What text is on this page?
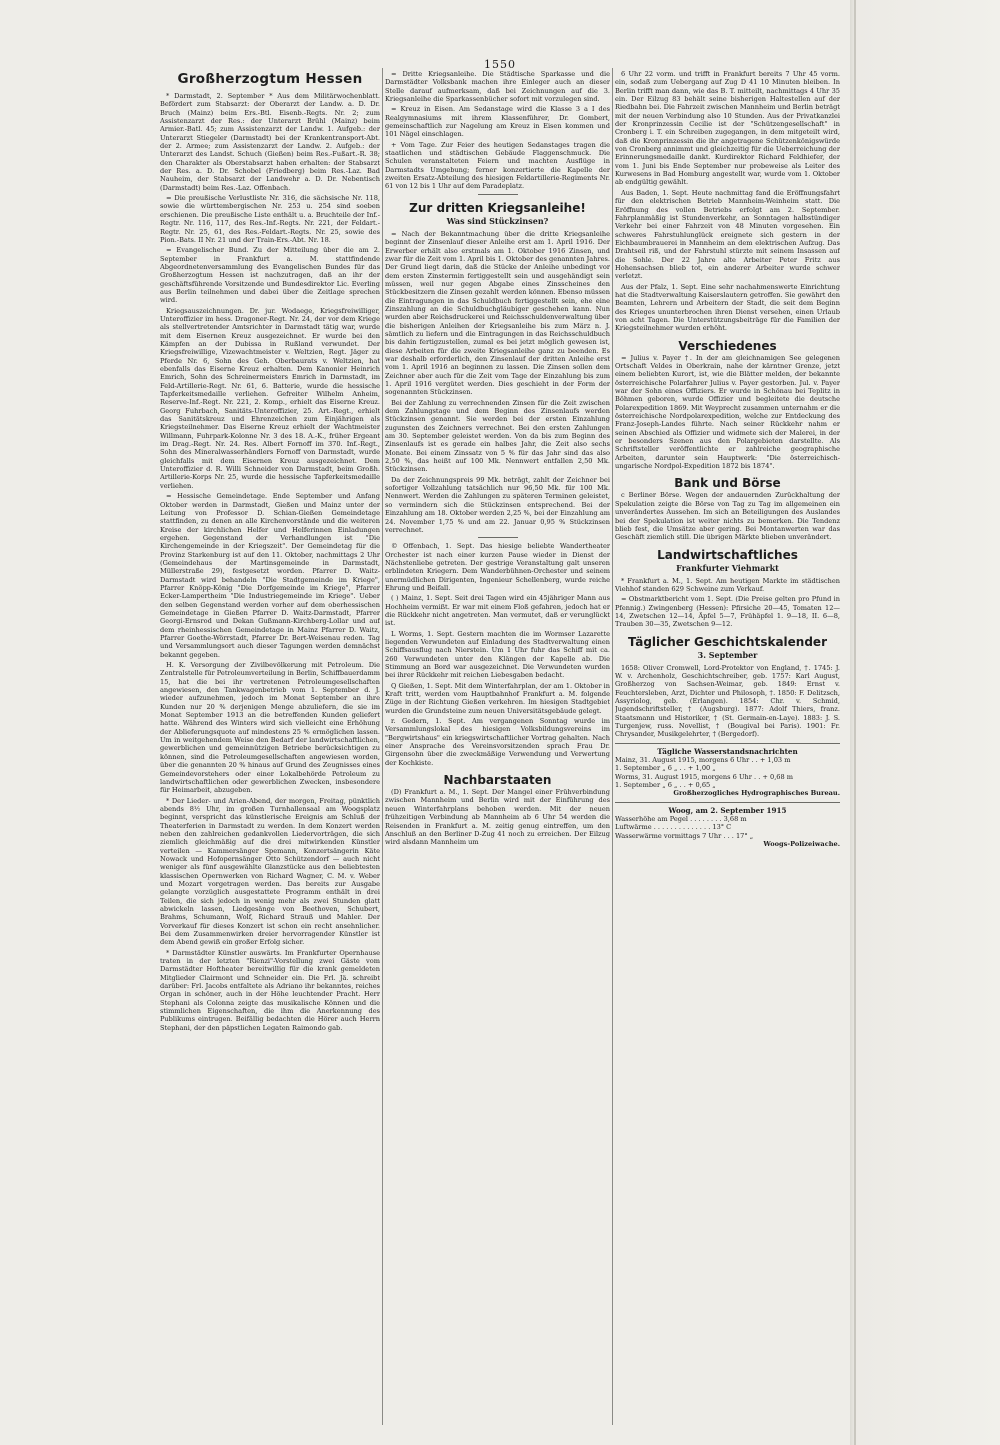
1550
Großherzogtum Hessen

* Darmstadt, 2. September * Aus dem Militärwochenblatt. Befördert zum Stabsarzt: der Oberarzt der Landw. a. D. Dr. Bruch (Mainz) beim Ers.-Btl. Eisenb.-Regts. Nr. 2; zum Assistenzarzt der Res.: der Unterarzt Brühl (Mainz) beim Armier.-Batl. 45; zum Assistenzarzt der Landw. 1. Aufgeb.: der Unterarzt Stiegeler (Darmstadt) bei der Krankentransport-Abt. der 2. Armee; zum Assistenzarzt der Landw. 2. Aufgeb.: der Unterarzt des Landst. Schuch (Gießen) beim Res.-Fußart.-R. 38; den Charakter als Oberstabsarzt haben erhalten: der Stabsarzt der Res. a. D. Dr. Schobel (Friedberg) beim Res.-Laz. Bad Nauheim, der Stabsarzt der Landwehr a. D. Dr. Nebentisch (Darmstadt) beim Res.-Laz. Offenbach.

= Die preußische Verlustliste Nr. 316, die sächsische Nr. 118, sowie die württembergischen Nr. 253 u. 254 sind soeben erschienen. Die preußische Liste enthält u. a. Bruchteile der Inf.-Regtr. Nr. 116, 117, des Res.-Inf.-Regts. Nr. 221, der Feldart.-Regtr. Nr. 25, 61, des Res.-Feldart.-Regts. Nr. 25, sowie des Pion.-Bats. II Nr. 21 und der Train-Ers.-Abt. Nr. 18.

= Evangelischer Bund. Zu der Mitteilung über die am 2. September in Frankfurt a. M. stattfindende Abgeordnetenversammlung des Evangelischen Bundes für das Großherzogtum Hessen ist nachzutragen, daß an ihr der geschäftsführende Vorsitzende und Bundesdirektor Lic. Everling aus Berlin teilnehmen und dabei über die Zeitlage sprechen wird.

Kriegsauszeichnungen. Dr. jur. Wodaege, Kriegsfreiwilliger, Unteroffizier im hess. Dragoner-Regt. Nr. 24, der vor dem Kriege als stellvertretender Amtsrichter in Darmstadt tätig war, wurde mit dem Eisernen Kreuz ausgezeichnet. Er wurde bei den Kämpfen an der Dubissa in Rußland verwundet. Der Kriegsfreiwillige, Vizewachtmeister v. Weltzien, Regt. Jäger zu Pferde Nr. 6, Sohn des Geh. Oberbaurats v. Weltzien, hat ebenfalls das Eiserne Kreuz erhalten. Dem Kanonier Heinrich Emrich, Sohn des Schreinermeisters Emrich in Darmstadt, im Feld-Artillerie-Regt. Nr. 61, 6. Batterie, wurde die hessische Tapferkeitsmedaille verliehen. Gefreiter Wilhelm Anheim, Reserve-Inf.-Regt. Nr. 221, 2. Komp., erhielt das Eiserne Kreuz. Georg Fuhrbach, Sanitäts-Unteroffizier, 25. Art.-Regt., erhielt das Sanitätskreuz und Ehrenzeichen zum Einjährigen als Kriegsteilnehmer. Das Eiserne Kreuz erhielt der Wachtmeister Willmann, Fuhrpark-Kolonne Nr. 3 des 18. A.-K., früher Ergeant im Drag.-Regt. Nr. 24. Res. Albert Fornoff im 370. Inf.-Regt., Sohn des Mineralwasserhändlers Fornoff von Darmstadt, wurde gleichfalls mit dem Eisernen Kreuz ausgezeichnet. Dem Unteroffizier d. R. Willi Schneider von Darmstadt, beim Großh. Artillerie-Korps Nr. 25, wurde die hessische Tapferkeitsmedaille verliehen.

= Hessische Gemeindetage. Ende September und Anfang Oktober werden in Darmstadt, Gießen und Mainz unter der Leitung von Professor D. Schian-Gießen Gemeindetage stattfinden, zu denen an alle Kirchenvorstände und die weiteren Kreise der kirchlichen Helfer und Helferinnen Einladungen ergehen. Gegenstand der Verhandlungen ist "Die Kirchengemeinde in der Kriegszeit". Der Gemeindetag für die Provinz Starkenburg ist auf den 11. Oktober, nachmittags 2 Uhr (Gemeindehaus der Martinsgemeinde in Darmstadt, Müllerstraße 29), festgesetzt worden. Pfarrer D. Waitz-Darmstadt wird behandeln "Die Stadtgemeinde im Kriege", Pfarrer Knöpp-König "Die Dorfgemeinde im Kriege", Pfarrer Ecker-Lampertheim "Die Industriegemeinde im Kriege". Ueber den selben Gegenstand werden vorher auf dem oberhessischen Gemeindetage in Gießen Pfarrer D. Waitz-Darmstadt, Pfarrer Georgi-Ernsrod und Dekan Gußmann-Kirchberg-Lollar und auf dem rheinhessischen Gemeindetage in Mainz Pfarrer D. Waitz, Pfarrer Goethe-Wörrstadt, Pfarrer Dr. Bert-Weisenau reden. Tag und Versammlungsort auch dieser Tagungen werden demnächst bekannt gegeben.

H. K. Versorgung der Zivilbevölkerung mit Petroleum. Die Zentralstelle für Petroleumverteilung in Berlin, Schiffbauerdamm 15, hat die bei ihr vertretenen Petroleumgesellschaften angewiesen, den Tankwagenbetrieb vom 1. September d. J. wieder aufzunehmen, jedoch im Monat September an ihre Kunden nur 20 % derjenigen Menge abzuliefern, die sie im Monat September 1913 an die betreffenden Kunden geliefert hatte. Während des Winters wird sich vielleicht eine Erhöhung der Ablieferungsquote auf mindestens 25 % ermöglichen lassen. Um in weitgehendem Weise den Bedarf der landwirtschaftlichen, gewerblichen und gemeinnützigen Betriebe berücksichtigen zu können, sind die Petroleumgesellschaften angewiesen worden, über die genannten 20 % hinaus auf Grund des Zeugnisses eines Gemeindevorstehers oder einer Lokalbehörde Petroleum zu landwirtschaftlichen oder gewerblichen Zwecken, insbesondere für Heimarbeit, abzugeben.

* Der Lieder- und Arien-Abend, der morgen, Freitag, pünktlich abends 8½ Uhr, im großen Turnhallensaal am Woogsplatz beginnt, verspricht das künstlerische Ereignis am Schluß der Theaterferien in Darmstadt zu werden. In dem Konzert werden neben den zahlreichen gedankvollen Liedervorträgen, die sich ziemlich gleichmäßig auf die drei mitwirkenden Künstler verteilen — Kammersänger Spemann, Konzertsängerin Käte Nowack und Hofopernsänger Otto Schützendorf — auch nicht weniger als fünf ausgewählte Glanzstücke aus den beliebtesten klassischen Opernwerken von Richard Wagner, C. M. v. Weber und Mozart vorgetragen werden. Das bereits zur Ausgabe gelangte vorzüglich ausgestattete Programm enthält in drei Teilen, die sich jedoch in wenig mehr als zwei Stunden glatt abwickeln lassen, Liedgesänge von Beethoven, Schubert, Brahms, Schumann, Wolf, Richard Strauß und Mahler. Der Vorverkauf für dieses Konzert ist schon ein recht ansehnlicher. Bei dem Zusammenwirken dreier hervorragender Künstler ist dem Abend gewiß ein großer Erfolg sicher.

* Darmstädter Künstler auswärts. Im Frankfurter Opernhause traten in der letzten "Rienzi"-Vorstellung zwei Gäste vom Darmstädter Hoftheater bereitwillig für die krank gemeldeten Mitglieder Clairmont und Schneider ein. Die Frl. Jä. schreibt darüber: Frl. Jacobs entfaltete als Adriano ihr bekanntes, reiches Organ in schöner, auch in der Höhe leuchtender Pracht. Herr Stephani als Colonna zeigte das musikalische Können und die stimmlichen Eigenschaften, die ihm die Anerkennung des Publikums eintrugen. Beifällig bedachten die Hörer auch Herrn Stephani, der den päpstlichen Legaten Raimondo gab.

= Dritte Kriegsanleihe. Die Städtische Sparkasse und die Darmstädter Volksbank machen ihre Einleger auch an dieser Stelle darauf aufmerksam, daß bei Zeichnungen auf die 3. Kriegsanleihe die Sparkassenbücher sofort mit vorzulegen sind.

= Kreuz in Eisen. Am Sedanstage wird die Klasse 3 a I des Realgymnasiums mit ihrem Klassenführer, Dr. Gombert, gemeinschaftlich zur Nagelung am Kreuz in Eisen kommen und 101 Nägel einschlagen.

+ Vom Tage. Zur Feier des heutigen Sedanstages tragen die staatlichen und städtischen Gebäude Flaggenschmuck. Die Schulen veranstalteten Feiern und machten Ausflüge in Darmstadts Umgebung; ferner konzertierte die Kapelle der zweiten Ersatz-Abteilung des hiesigen Feldartillerie-Regiments Nr. 61 von 12 bis 1 Uhr auf dem Paradeplatz.

Zur dritten Kriegsanleihe!
Was sind Stückzinsen?

= Nach der Bekanntmachung über die dritte Kriegsanleihe beginnt der Zinsenlauf dieser Anleihe erst am 1. April 1916. Der Erwerber erhält also erstmals am 1. Oktober 1916 Zinsen, und zwar für die Zeit vom 1. April bis 1. Oktober des genannten Jahres. Der Grund liegt darin, daß die Stücke der Anleihe unbedingt vor dem ersten Zinstermin fertiggestellt sein und ausgehändigt sein müssen, weil nur gegen Abgabe eines Zinsscheines den Stückbesitzern die Zinsen gezahlt werden können. Ebenso müssen die Eintragungen in das Schuldbuch fertiggestellt sein, ehe eine Zinszahlung an die Schuldbuchgläubiger geschehen kann. Nun wurden aber Reichsdruckerei und Reichsschuldenverwaltung über die bisherigen Anleihen der Kriegsanleihe bis zum März n. J. sämtlich zu liefern und die Eintragungen in das Reichsschuldbuch bis dahin fertigzustellen, zumal es bei jetzt möglich gewesen ist, diese Arbeiten für die zweite Kriegsanleihe ganz zu beenden. Es war deshalb erforderlich, den Zinsenlauf der dritten Anleihe erst vom 1. April 1916 an beginnen zu lassen. Die Zinsen sollen dem Zeichner aber auch für die Zeit vom Tage der Einzahlung bis zum 1. April 1916 vergütet werden. Dies geschieht in der Form der sogenannten Stückzinsen.

Bei der Zahlung zu verrechnenden Zinsen für die Zeit zwischen dem Zahlungstage und dem Beginn des Zinsenlaufs werden Stückzinsen genannt. Sie werden bei der ersten Einzahlung zugunsten des Zeichners verrechnet. Bei den ersten Zahlungen am 30. September geleistet werden. Von da bis zum Beginn des Zinsenlaufs ist es gerade ein halbes Jahr, die Zeit also sechs Monate. Bei einem Zinssatz von 5 % für das Jahr sind das also 2,50 %, das heißt auf 100 Mk. Nennwert entfallen 2,50 Mk. Stückzinsen.

Da der Zeichnungspreis 99 Mk. beträgt, zahlt der Zeichner bei sofortiger Vollzahlung tatsächlich nur 96,50 Mk. für 100 Mk. Nennwert. Werden die Zahlungen zu späteren Terminen geleistet, so vermindern sich die Stückzinsen entsprechend. Bei der Einzahlung am 18. Oktober werden 2,25 %, bei der Einzahlung am 24. November 1,75 % und am 22. Januar 0,95 % Stückzinsen verrechnet.

© Offenbach, 1. Sept. Das hiesige beliebte Wandertheater Orchester ist nach einer kurzen Pause wieder in Dienst der Nächstenliebe getreten. Der gestrige Veranstaltung galt unseren erblindeten Kriegern. Dem Wanderbühnen-Orchester und seinem unermüdlichen Dirigenten, Ingenieur Schellenberg, wurde reiche Ehrung und Beifall.

( ) Mainz, 1. Sept. Seit drei Tagen wird ein 45jähriger Mann aus Hochheim vermißt. Er war mit einem Floß gefahren, jedoch hat er die Rückkehr nicht angetreten. Man vermutet, daß er verunglückt ist.

L Worms, 1. Sept. Gestern machten die im Wormser Lazarette liegenden Verwundeten auf Einladung des Stadtverwaltung einen Schiffsausflug nach Nierstein. Um 1 Uhr fuhr das Schiff mit ca. 260 Verwundeten unter den Klängen der Kapelle ab. Die Stimmung an Bord war ausgezeichnet. Die Verwundeten wurden bei ihrer Rückkehr mit reichen Liebesgaben bedacht.

Q Gießen, 1. Sept. Mit dem Winterfahrplan, der am 1. Oktober in Kraft tritt, werden vom Hauptbahnhof Frankfurt a. M. folgende Züge in der Richtung Gießen verkehren. Im hiesigen Stadtgebiet wurden die Grundsteine zum neuen Universitätsgebäude gelegt.

r. Gedern, 1. Sept. Am vergangenen Sonntag wurde im Versammlungslokal des hiesigen Volksbildungsvereins im "Bergwirtshaus" ein kriegswirtschaftlicher Vortrag gehalten. Nach einer Ansprache des Vereinsvorsitzenden sprach Frau Dr. Girgensohn über die zweckmäßige Verwendung und Verwertung der Kochkiste.

Nachbarstaaten

(D) Frankfurt a. M., 1. Sept. Der Mangel einer Frühverbindung zwischen Mannheim und Berlin wird mit der Einführung des neuen Winterfahrplans behoben werden. Mit der neuen frühzeitigen Verbindung ab Mannheim ab 6 Uhr 54 werden die Reisenden in Frankfurt a. M. zeitig genug eintreffen, um den Anschluß an den Berliner D-Zug 41 noch zu erreichen. Der Eilzug wird alsdann Mannheim um

6 Uhr 22 vorm. und trifft in Frankfurt bereits 7 Uhr 45 vorm. ein, sodaß zum Uebergang auf Zug D 41 10 Minuten bleiben. In Berlin trifft man dann, wie das B. T. mitteilt, nachmittags 4 Uhr 35 ein. Der Eilzug 83 behält seine bisherigen Haltestellen auf der Riedbahn bei. Die Fahrzeit zwischen Mannheim und Berlin beträgt mit der neuen Verbindung also 10 Stunden. Aus der Privatkanzlei der Kronprinzessin Cecilie ist der "Schützengesellschaft" in Cronberg i. T. ein Schreiben zugegangen, in dem mitgeteilt wird, daß die Kronprinzessin die ihr angetragene Schützenkönigswürde von Cronberg annimmt und gleichzeitig für die Ueberreichung der Erinnerungsmedaille dankt. Kurdirektor Richard Feldhiefer, der vom 1. Juni bis Ende September nur probeweise als Leiter des Kurwesens in Bad Homburg angestellt war, wurde vom 1. Oktober ab endgültig gewählt.

Aus Baden, 1. Sept. Heute nachmittag fand die Eröffnungsfahrt für den elektrischen Betrieb Mannheim-Weinheim statt. Die Eröffnung des vollen Betriebs erfolgt am 2. September. Fahrplanmäßig ist Stundenverkehr, an Sonntagen halbstündiger Verkehr bei einer Fahrzeit von 48 Minuten vorgesehen. Ein schweres Fahrstuhlunglück ereignete sich gestern in der Eichbaumbrauerei in Mannheim an dem elektrischen Aufzug. Das Drahtseil riß, und der Fahrstuhl stürzte mit seinem Insassen auf die Sohle. Der 22 Jahre alte Arbeiter Peter Fritz aus Hohensachsen blieb tot, ein anderer Arbeiter wurde schwer verletzt.

Aus der Pfalz, 1. Sept. Eine sehr nachahmenswerte Einrichtung hat die Stadtverwaltung Kaiserslautern getroffen. Sie gewährt den Beamten, Lehrern und Arbeitern der Stadt, die seit dem Beginn des Krieges ununterbrochen ihren Dienst versehen, einen Urlaub von acht Tagen. Die Unterstützungsbeiträge für die Familien der Kriegsteilnehmer wurden erhöht.

Verschiedenes

= Julius v. Payer †. In der am gleichnamigen See gelegenen Ortschaft Veldes in Oberkrain, nahe der kärntner Grenze, jetzt einem beliebten Kurort, ist, wie die Blätter melden, der bekannte österreichische Polarfahrer Julius v. Payer gestorben. Jul. v. Payer war der Sohn eines Offiziers. Er wurde in Schönau bei Teplitz in Böhmen geboren, wurde Offizier und begleitete die deutsche Polarexpedition 1869. Mit Weyprecht zusammen unternahm er die österreichische Nordpolarexpedition, welche zur Entdeckung des Franz-Joseph-Landes führte. Nach seiner Rückkehr nahm er seinen Abschied als Offizier und widmete sich der Malerei, in der er besonders Szenen aus den Polargebieten darstellte. Als Schriftsteller veröffentlichte er zahlreiche geographische Arbeiten, darunter sein Hauptwerk: "Die österreichisch-ungarische Nordpol-Expedition 1872 bis 1874".

Bank und Börse

c Berliner Börse. Wegen der andauernden Zurückhaltung der Spekulation zeigte die Börse von Tag zu Tag im allgemeinen ein unverändertes Aussehen. Im sich an Beteiligungen des Auslandes bei der Spekulation ist weiter nichts zu bemerken. Die Tendenz blieb fest, die Umsätze aber gering. Bei Montanwerten war das Geschäft ziemlich still. Die übrigen Märkte blieben unverändert.

Landwirtschaftliches
Frankfurter Viehmarkt

* Frankfurt a. M., 1. Sept. Am heutigen Markte im städtischen Viehhof standen 629 Schweine zum Verkauf.

= Obstmarktbericht vom 1. Sept. (Die Preise gelten pro Pfund in Pfennig.) Zwingenberg (Hessen): Pfirsiche 20—45, Tomaten 12—14, Zwetschen 12—14, Äpfel 5—7, Frühäpfel 1. 9—18, II. 6—8, Trauben 30—35, Zwetschen 9—12.

Täglicher Geschichtskalender
3. September

1658: Oliver Cromwell, Lord-Protektor von England, †. 1745: J. W. v. Archenholz, Geschichtschreiber, geb. 1757: Karl August, Großherzog von Sachsen-Weimar, geb. 1849: Ernst v. Feuchtersleben, Arzt, Dichter und Philosoph, †. 1850: F. Delitzsch, Assyriolog, geb. (Erlangen). 1854: Chr. v. Schmid, Jugendschriftsteller, † (Augsburg). 1877: Adolf Thiers, franz. Staatsmann und Historiker, † (St. Germain-en-Laye). 1883: J. S. Turgenjew, russ. Novellist, † (Bougival bei Paris). 1901: Fr. Chrysander, Musikgelehrter, † (Bergedorf).

Tägliche Wasserstandsnachrichten
Mainz, 31. August 1915, morgens 6 Uhr . . + 1,03 m
1. September „ 6 „ . . + 1,00 „
Worms, 31. August 1915, morgens 6 Uhr . . + 0,68 m
1. September „ 6 „ . . + 0,65 „
Großherzogliches Hydrographisches Bureau.
Woog, am 2. September 1915
Wasserhöhe am Pegel . . . . . . . . 3,68 m
Luftwärme . . . . . . . . . . . . . . 13° C
Wasserwärme vormittags 7 Uhr . . . 17° „
Woogs-Polizeiwache.
